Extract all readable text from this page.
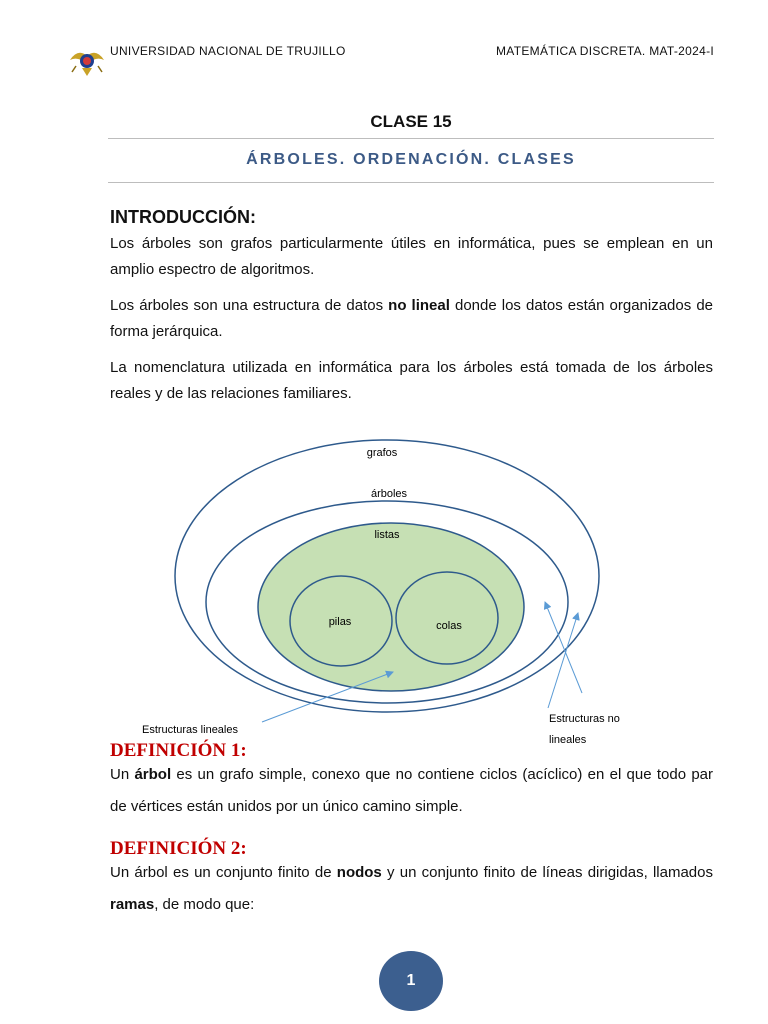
UNIVERSIDAD NACIONAL DE TRUJILLO	MATEMÁTICA DISCRETA. MAT-2024-I
CLASE 15
ÁRBOLES. ORDENACIÓN. CLASES
INTRODUCCIÓN:

Los árboles son grafos particularmente útiles en informática, pues se emplean en un amplio espectro de algoritmos.

Los árboles son una estructura de datos no lineal donde los datos están organizados de forma jerárquica.

La nomenclatura utilizada en informática para los árboles está tomada de los árboles reales y de las relaciones familiares.

grafos
árboles
listas
pilas	colas
Estructuras lineales
Estructuras no
lineales
DEFINICIÓN 1:

Un árbol es un grafo simple, conexo que no contiene ciclos (acíclico) en el que todo par de vértices están unidos por un único camino simple.

DEFINICIÓN 2:

Un árbol es un conjunto finito de nodos y un conjunto finito de líneas dirigidas, llamados ramas, de modo que:

1
